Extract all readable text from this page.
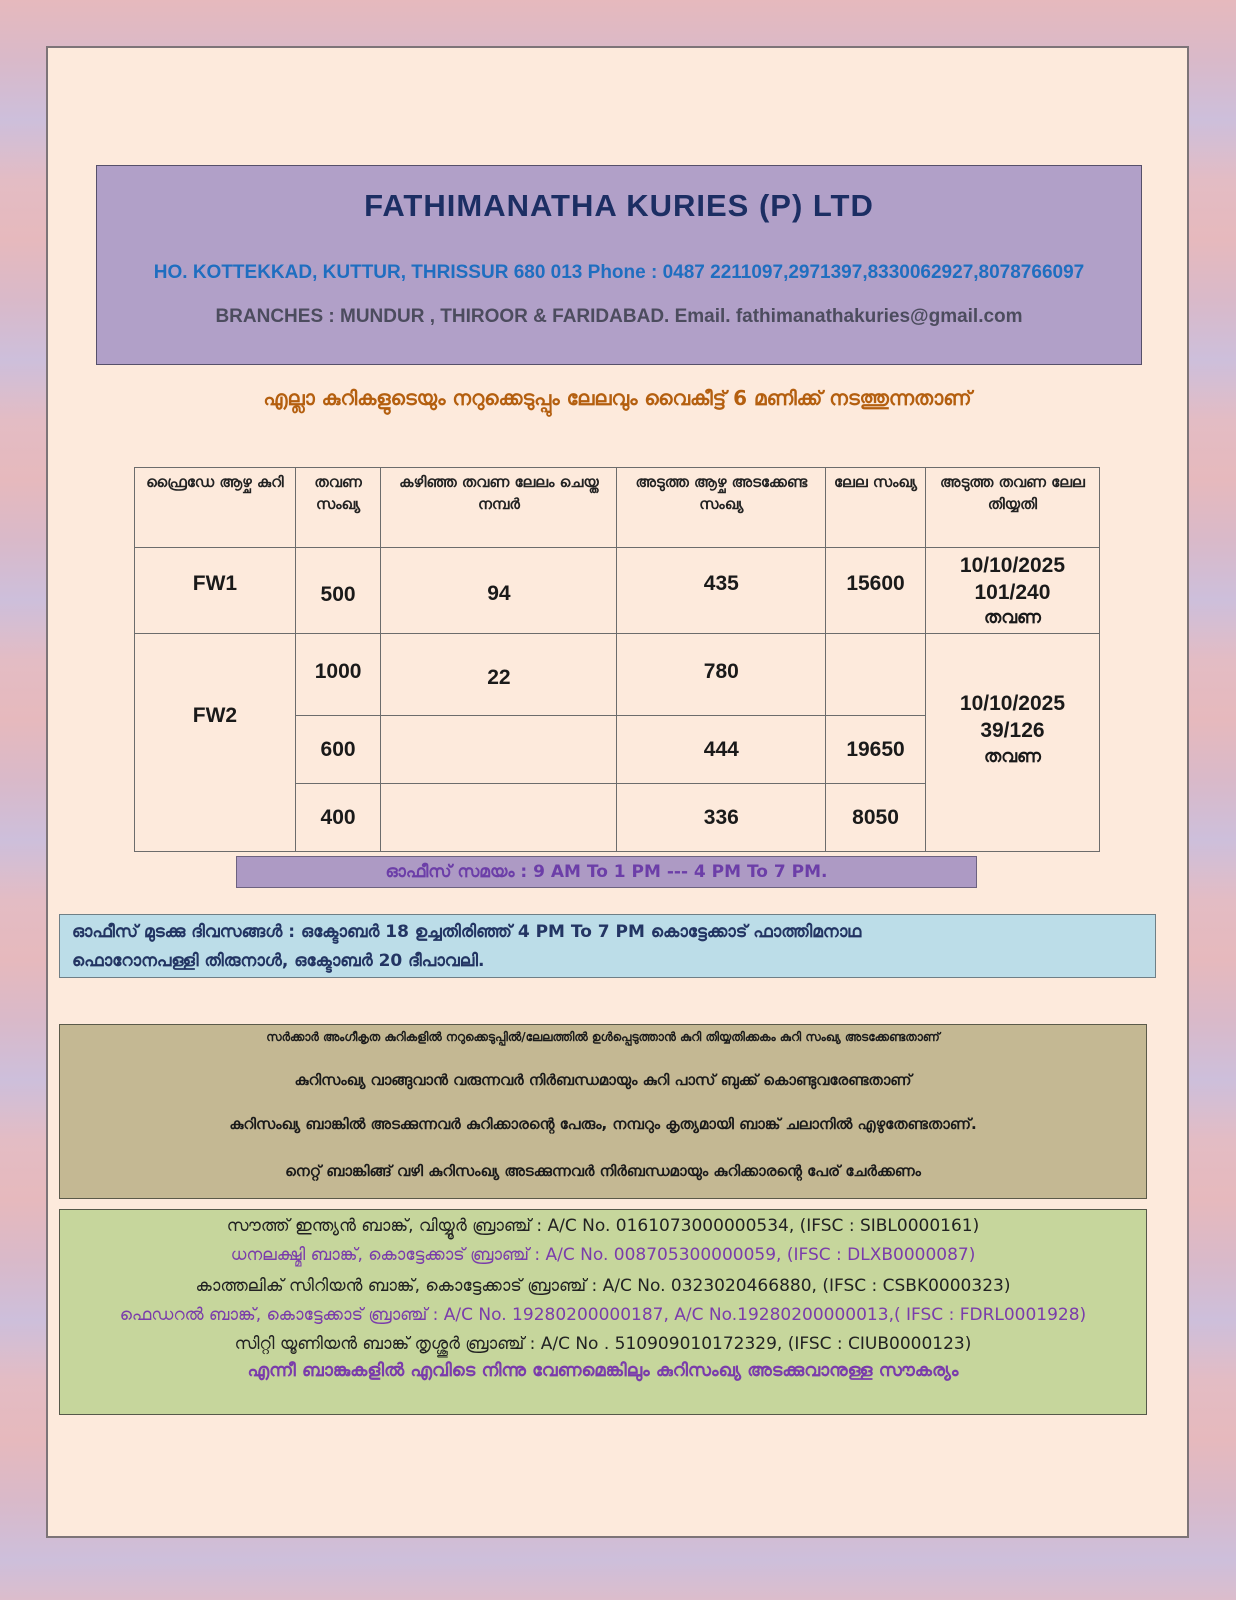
FATHIMANATHA KURIES (P) LTD
HO. KOTTEKKAD, KUTTUR, THRISSUR 680 013 Phone : 0487 2211097,2971397,8330062927,8078766097
BRANCHES : MUNDUR , THIROOR & FARIDABAD. Email. fathimanathakuries@gmail.com
എല്ലാ കുറികളുടെയും നറുക്കെടുപ്പും ലേലവും വൈകീട്ട് 6 മണിക്ക് നടത്തുന്നതാണ്
ഫ്രൈഡേ ആഴ്ച കുറി	തവണ സംഖ്യ	കഴിഞ്ഞ തവണ ലേലം ചെയ്ത നമ്പർ	അടുത്ത ആഴ്ച അടക്കേണ്ട സംഖ്യ	ലേല സംഖ്യ	അടുത്ത തവണ ലേല തിയ്യതി
FW1	500	94	435	15600	10/10/2025
101/240
തവണ

FW2	1000	22	780		10/10/2025
39/126
തവണ

	600		444	19650	
	400		336	8050	
ഓഫീസ് സമയം : 9 AM To 1 PM --- 4 PM To 7 PM.
ഓഫീസ് മുടക്കു ദിവസങ്ങൾ : ഒക്ടോബർ 18 ഉച്ചതിരിഞ്ഞ് 4 PM To 7 PM കൊട്ടേക്കാട് ഫാത്തിമനാഥ
ഫൊറോനപള്ളി തിരുനാൾ, ഒക്ടോബർ 20 ദീപാവലി.
സർക്കാർ അംഗീകൃത കുറികളിൽ നറുക്കെടുപ്പിൽ/ലേലത്തിൽ ഉൾപ്പെടുത്താൻ കുറി തിയ്യതിക്കകം കുറി സംഖ്യ അടക്കേണ്ടതാണ്
കുറിസംഖ്യ വാങ്ങുവാൻ വരുന്നവർ നിർബന്ധമായും കുറി പാസ് ബുക്ക് കൊണ്ടുവരേണ്ടതാണ്
കുറിസംഖ്യ ബാങ്കിൽ അടക്കുന്നവർ കുറിക്കാരന്റെ പേരും, നമ്പറും കൃത്യമായി ബാങ്ക് ചലാനിൽ എഴുതേണ്ടതാണ്.
നെറ്റ് ബാങ്കിങ്ങ് വഴി കുറിസംഖ്യ അടക്കുന്നവർ നിർബന്ധമായും കുറിക്കാരന്റെ പേര് ചേർക്കണം
സൗത്ത് ഇന്ത്യൻ ബാങ്ക്, വിയ്യൂർ ബ്രാഞ്ച് : A/C No. 0161073000000534, (IFSC : SIBL0000161)
ധനലക്ഷ്മി ബാങ്ക്, കൊട്ടേക്കാട് ബ്രാഞ്ച് : A/C No. 008705300000059, (IFSC : DLXB0000087)
കാത്തലിക് സിറിയൻ ബാങ്ക്, കൊട്ടേക്കാട് ബ്രാഞ്ച് : A/C No. 0323020466880, (IFSC : CSBK0000323)
ഫെഡറൽ ബാങ്ക്, കൊട്ടേക്കാട് ബ്രാഞ്ച് : A/C No. 19280200000187, A/C No.19280200000013,( IFSC : FDRL0001928)
സിറ്റി യൂണിയൻ ബാങ്ക് തൃശ്ശൂർ ബ്രാഞ്ച് : A/C No . 510909010172329, (IFSC : CIUB0000123)
എന്നീ ബാങ്കുകളിൽ എവിടെ നിന്നു വേണമെങ്കിലും കുറിസംഖ്യ അടക്കുവാനുള്ള സൗകര്യം
